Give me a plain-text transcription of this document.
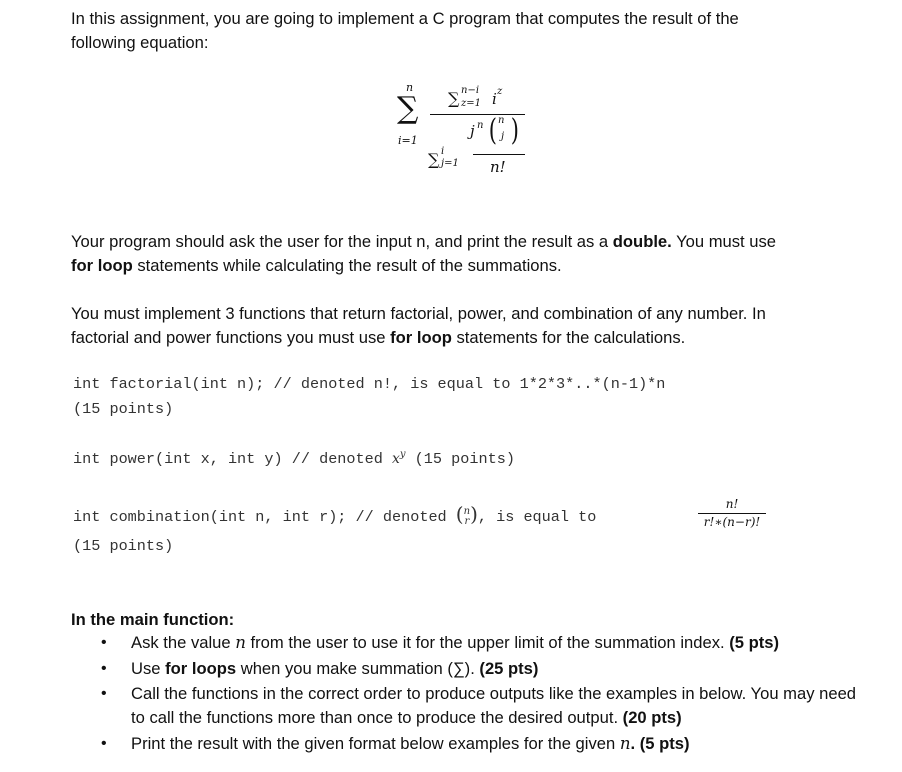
In this assignment, you are going to implement a C program that computes the result of the
following equation:

n
∑
i=1
∑ n−i
z=1 i z
j n ( n
j )
∑ i
j=1 n!

Your program should ask the user for the input n, and print the result as a double. You must use
for loop statements while calculating the result of the summations.

You must implement 3 functions that return factorial, power, and combination of any number. In
factorial and power functions you must use for loop statements for the calculations.

int factorial(int n); // denoted n!, is equal to 1*2*3*..*(n-1)*n
(15 points)
int power(int x, int y) // denoted $x^y$ (15 points)
int combination(int n, int r); // denoted (n
r), is equal to
n!
r!∗(n−r)!
(15 points)

In the main function:

• Ask the value n from the user to use it for the upper limit of the summation index. (5 pts)
• Use for loops when you make summation (∑). (25 pts)
• Call the functions in the correct order to produce outputs like the examples in below. You may need to call the functions more than once to produce the desired output. (20 pts)
• Print the result with the given format below examples for the given n. (5 pts)
